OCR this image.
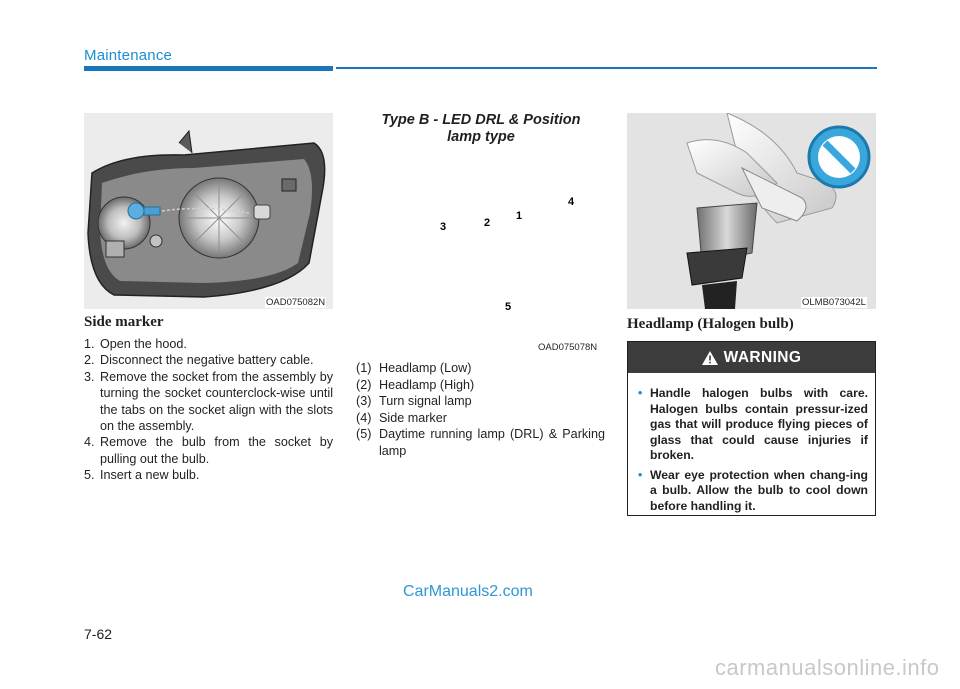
Maintenance
OAD075082N
Side marker
1. Open the hood.
2. Disconnect the negative battery cable.
3. Remove the socket from the assembly by turning the socket counterclock-wise until the tabs on the socket align with the slots on the assembly.
4. Remove the bulb from the socket by pulling out the bulb.
5. Insert a new bulb.
Type B - LED DRL & Position
lamp type
3	2
1
4
5
OAD075078N
(1) Headlamp (Low)
(2) Headlamp (High)
(3) Turn signal lamp
(4) Side marker
(5) Daytime running lamp (DRL) & Parking lamp
OLMB073042L
Headlamp (Halogen bulb)
WARNING
• Handle halogen bulbs with care. Halogen bulbs contain pressur-ized gas that will produce flying pieces of glass that could cause injuries if broken.
• Wear eye protection when chang-ing a bulb. Allow the bulb to cool down before handling it.
7-62
CarManuals2.com
carmanualsonline.info
